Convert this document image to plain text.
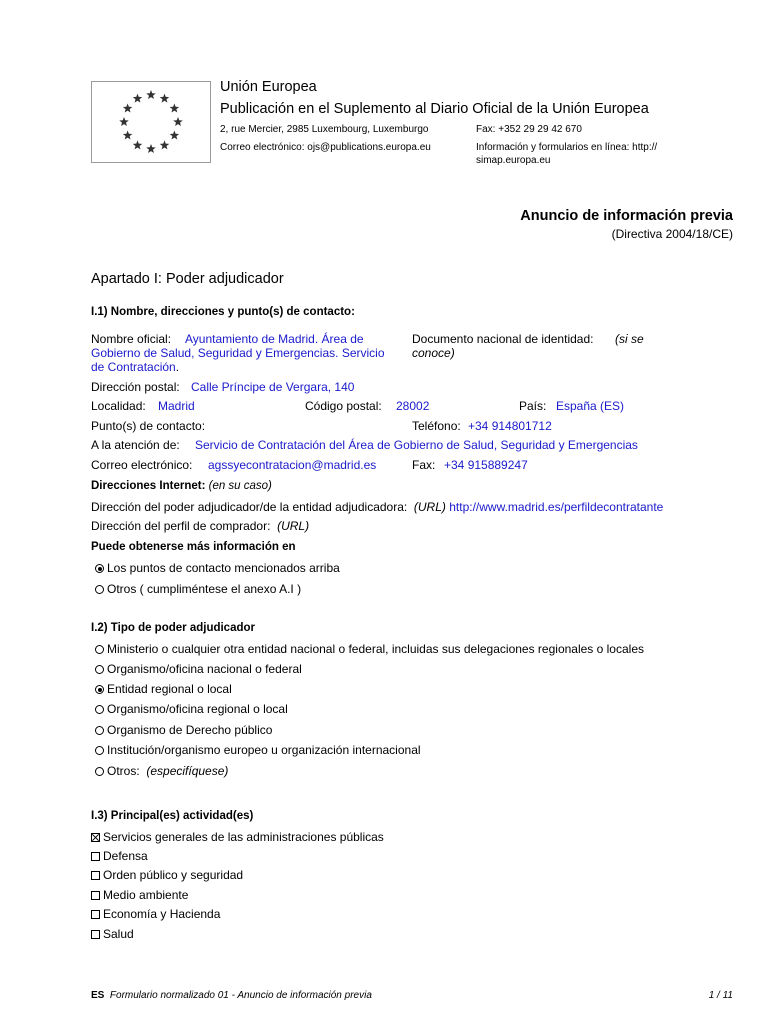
Unión Europea
Publicación en el Suplemento al Diario Oficial de la Unión Europea
2, rue Mercier, 2985 Luxembourg, Luxemburgo	Fax: +352 29 29 42 670
Correo electrónico: ojs@publications.europa.eu	Información y formularios en línea: http://
simap.europa.eu
Anuncio de información previa
(Directiva 2004/18/CE)
Apartado I: Poder adjudicador
I.1) Nombre, direcciones y punto(s) de contacto:
Nombre oficial: Ayuntamiento de Madrid. Área de
Gobierno de Salud, Seguridad y Emergencias. Servicio
de Contratación.
Documento nacional de identidad: (si se
conoce)
Dirección postal: Calle Príncipe de Vergara, 140
Localidad: Madrid	Código postal: 28002	País: España (ES)
Punto(s) de contacto:	Teléfono: +34 914801712
A la atención de: Servicio de Contratación del Área de Gobierno de Salud, Seguridad y Emergencias
Correo electrónico: agssyecontratacion@madrid.es	Fax: +34 915889247
Direcciones Internet: (en su caso)
Dirección del poder adjudicador/de la entidad adjudicadora: (URL) http://www.madrid.es/perfildecontratante
Dirección del perfil de comprador: (URL)
Puede obtenerse más información en
Los puntos de contacto mencionados arriba
Otros ( cumpliméntese el anexo A.I )
I.2) Tipo de poder adjudicador
Ministerio o cualquier otra entidad nacional o federal, incluidas sus delegaciones regionales o locales
Organismo/oficina nacional o federal
Entidad regional o local
Organismo/oficina regional o local
Organismo de Derecho público
Institución/organismo europeo u organización internacional
Otros: (especifíquese)
I.3) Principal(es) actividad(es)
Servicios generales de las administraciones públicas
Defensa
Orden público y seguridad
Medio ambiente
Economía y Hacienda
Salud
ES Formulario normalizado 01 - Anuncio de información previa	1 / 11
